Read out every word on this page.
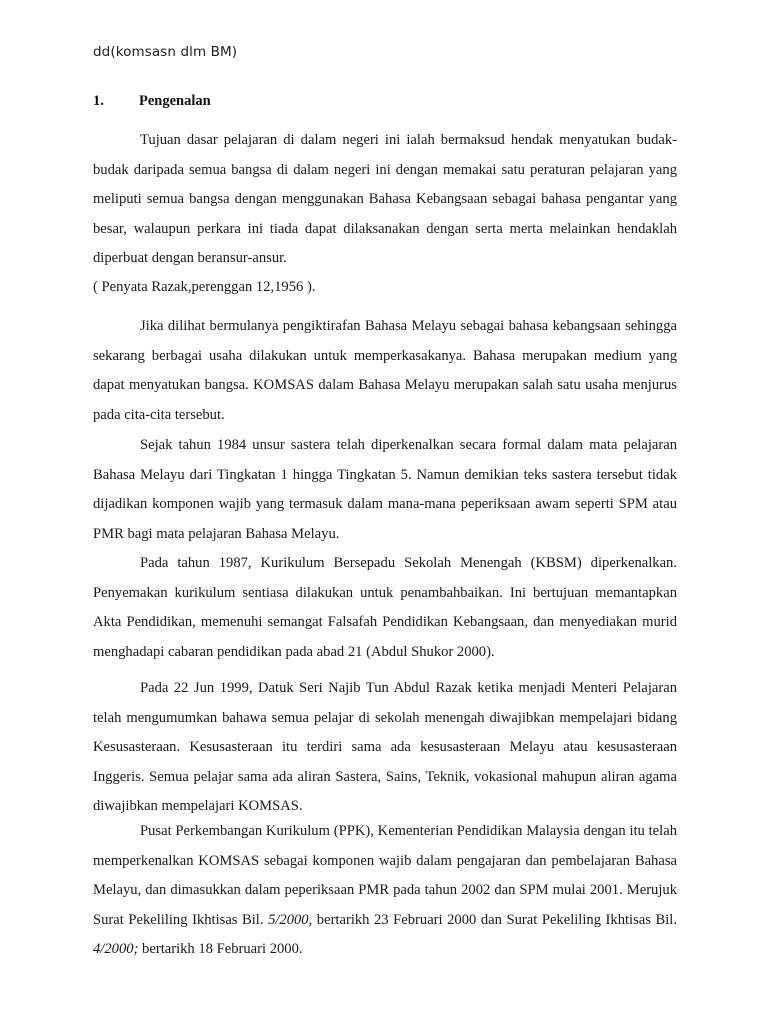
dd(komsasn dlm BM)
1. Pengenalan

Tujuan dasar pelajaran di dalam negeri ini ialah bermaksud hendak menyatukan budak-budak daripada semua bangsa di dalam negeri ini dengan memakai satu peraturan pelajaran yang meliputi semua bangsa dengan menggunakan Bahasa Kebangsaan sebagai bahasa pengantar yang besar, walaupun perkara ini tiada dapat dilaksanakan dengan serta merta melainkan hendaklah diperbuat dengan beransur-ansur.

( Penyata Razak,perenggan 12,1956 ).

Jika dilihat bermulanya pengiktirafan Bahasa Melayu sebagai bahasa kebangsaan sehingga sekarang berbagai usaha dilakukan untuk memperkasakanya. Bahasa merupakan medium yang dapat menyatukan bangsa. KOMSAS dalam Bahasa Melayu merupakan salah satu usaha menjurus pada cita-cita tersebut.

Sejak tahun 1984 unsur sastera telah diperkenalkan secara formal dalam mata pelajaran Bahasa Melayu dari Tingkatan 1 hingga Tingkatan 5. Namun demikian teks sastera tersebut tidak dijadikan komponen wajib yang termasuk dalam mana-mana peperiksaan awam seperti SPM atau PMR bagi mata pelajaran Bahasa Melayu.

Pada tahun 1987, Kurikulum Bersepadu Sekolah Menengah (KBSM) diperkenalkan. Penyemakan kurikulum sentiasa dilakukan untuk penambahbaikan. Ini bertujuan memantapkan Akta Pendidikan, memenuhi semangat Falsafah Pendidikan Kebangsaan, dan menyediakan murid menghadapi cabaran pendidikan pada abad 21 (Abdul Shukor 2000).

Pada 22 Jun 1999, Datuk Seri Najib Tun Abdul Razak ketika menjadi Menteri Pelajaran telah mengumumkan bahawa semua pelajar di sekolah menengah diwajibkan mempelajari bidang Kesusasteraan. Kesusasteraan itu terdiri sama ada kesusasteraan Melayu atau kesusasteraan Inggeris. Semua pelajar sama ada aliran Sastera, Sains, Teknik, vokasional mahupun aliran agama diwajibkan mempelajari KOMSAS.

Pusat Perkembangan Kurikulum (PPK), Kementerian Pendidikan Malaysia dengan itu telah memperkenalkan KOMSAS sebagai komponen wajib dalam pengajaran dan pembelajaran Bahasa Melayu, dan dimasukkan dalam peperiksaan PMR pada tahun 2002 dan SPM mulai 2001. Merujuk Surat Pekeliling Ikhtisas Bil. 5/2000, bertarikh 23 Februari 2000 dan Surat Pekeliling Ikhtisas Bil. 4/2000; bertarikh 18 Februari 2000.
